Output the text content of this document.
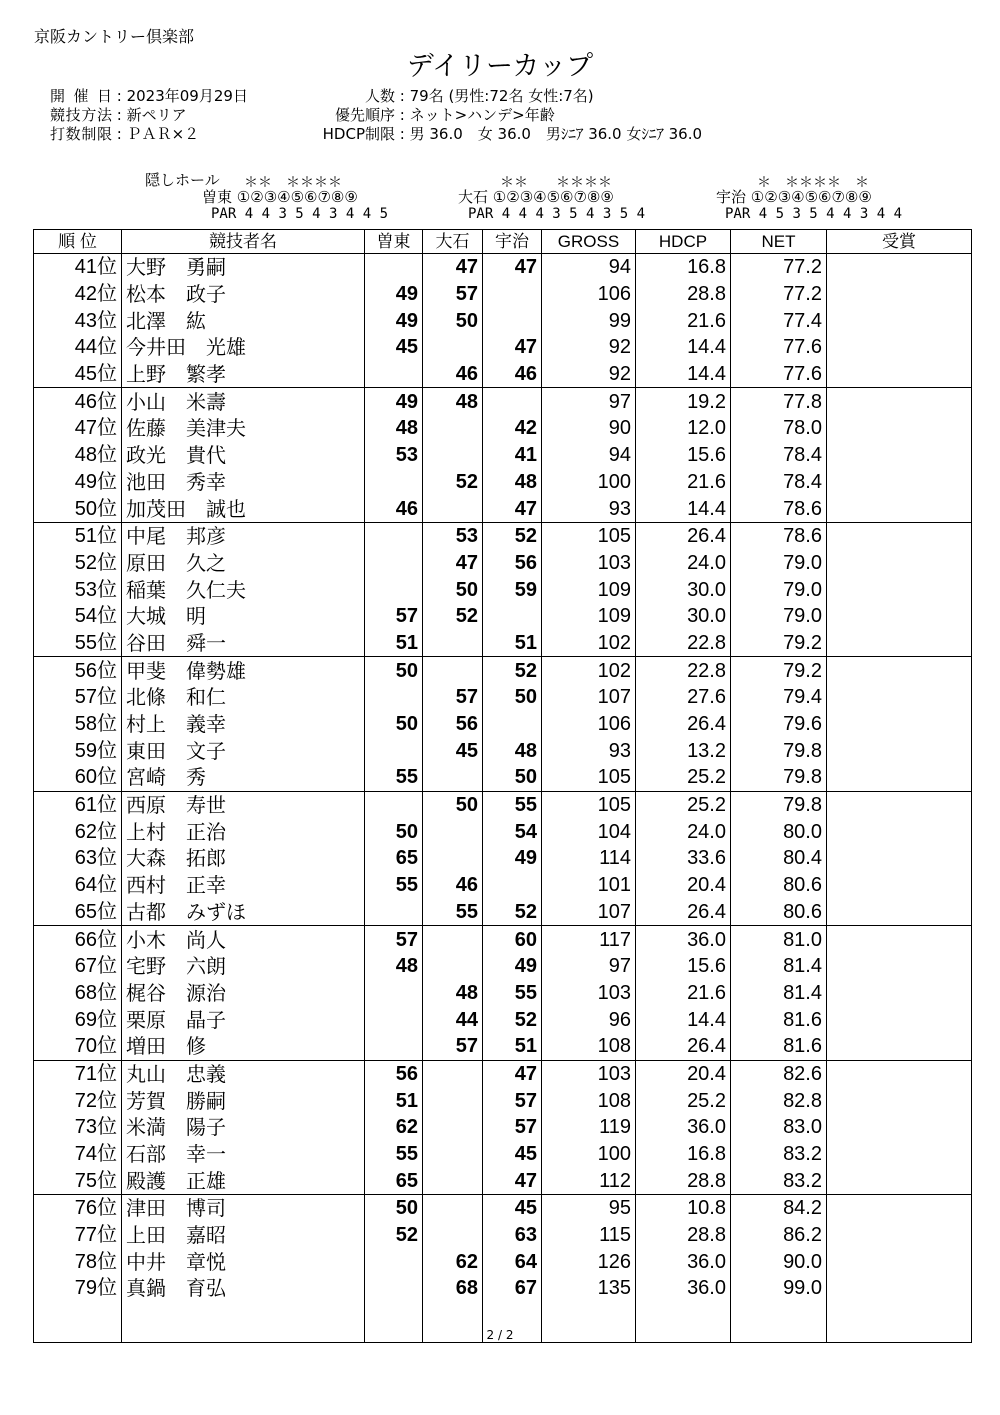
京阪カントリー倶楽部
デイリーカップ
開催日 : 2023年09月29日
競技方法 : 新ペリア
打数制限 : ＰＡＲ×２
人数 : 79名 (男性:72名 女性:7名)
優先順序 : ネット>ハンデ>年齢
HDCP制限 : 男 36.0　女 36.0　男ｼﾆｱ 36.0 女ｼﾆｱ 36.0
隠しホール ＊＊　＊＊＊＊	＊＊　　＊＊＊＊	＊　＊＊＊＊　＊
曽東 ①②③④⑤⑥⑦⑧⑨	大石 ①②③④⑤⑥⑦⑧⑨	宇治 ①②③④⑤⑥⑦⑧⑨
PAR 4 4 3 5 4 3 4 4 5	PAR 4 4 4 3 5 4 3 5 4	PAR 4 5 3 5 4 4 3 4 4
順 位	競技者名	曽東	大石	宇治	GROSS	HDCP	NET	受賞
41位	大野　勇嗣		47	47	94	16.8	77.2	
42位	松本　政子	49	57		106	28.8	77.2	
43位	北澤　紘	49	50		99	21.6	77.4	
44位	今井田　光雄	45		47	92	14.4	77.6	
45位	上野　繁孝		46	46	92	14.4	77.6	
46位	小山　米壽	49	48		97	19.2	77.8	
47位	佐藤　美津夫	48		42	90	12.0	78.0	
48位	政光　貴代	53		41	94	15.6	78.4	
49位	池田　秀幸		52	48	100	21.6	78.4	
50位	加茂田　誠也	46		47	93	14.4	78.6	
51位	中尾　邦彦		53	52	105	26.4	78.6	
52位	原田　久之		47	56	103	24.0	79.0	
53位	稲葉　久仁夫		50	59	109	30.0	79.0	
54位	大城　明	57	52		109	30.0	79.0	
55位	谷田　舜一	51		51	102	22.8	79.2	
56位	甲斐　偉勢雄	50		52	102	22.8	79.2	
57位	北條　和仁		57	50	107	27.6	79.4	
58位	村上　義幸	50	56		106	26.4	79.6	
59位	東田　文子		45	48	93	13.2	79.8	
60位	宮崎　秀	55		50	105	25.2	79.8	
61位	西原　寿世		50	55	105	25.2	79.8	
62位	上村　正治	50		54	104	24.0	80.0	
63位	大森　拓郎	65		49	114	33.6	80.4	
64位	西村　正幸	55	46		101	20.4	80.6	
65位	古都　みずほ		55	52	107	26.4	80.6	
66位	小木　尚人	57		60	117	36.0	81.0	
67位	宅野　六朗	48		49	97	15.6	81.4	
68位	梶谷　源治		48	55	103	21.6	81.4	
69位	栗原　晶子		44	52	96	14.4	81.6	
70位	増田　修		57	51	108	26.4	81.6	
71位	丸山　忠義	56		47	103	20.4	82.6	
72位	芳賀　勝嗣	51		57	108	25.2	82.8	
73位	米満　陽子	62		57	119	36.0	83.0	
74位	石部　幸一	55		45	100	16.8	83.2	
75位	殿護　正雄	65		47	112	28.8	83.2	
76位	津田　博司	50		45	95	10.8	84.2	
77位	上田　嘉昭	52		63	115	28.8	86.2	
78位	中井　章悦		62	64	126	36.0	90.0	
79位	真鍋　育弘		68	67	135	36.0	99.0	

2 / 2
